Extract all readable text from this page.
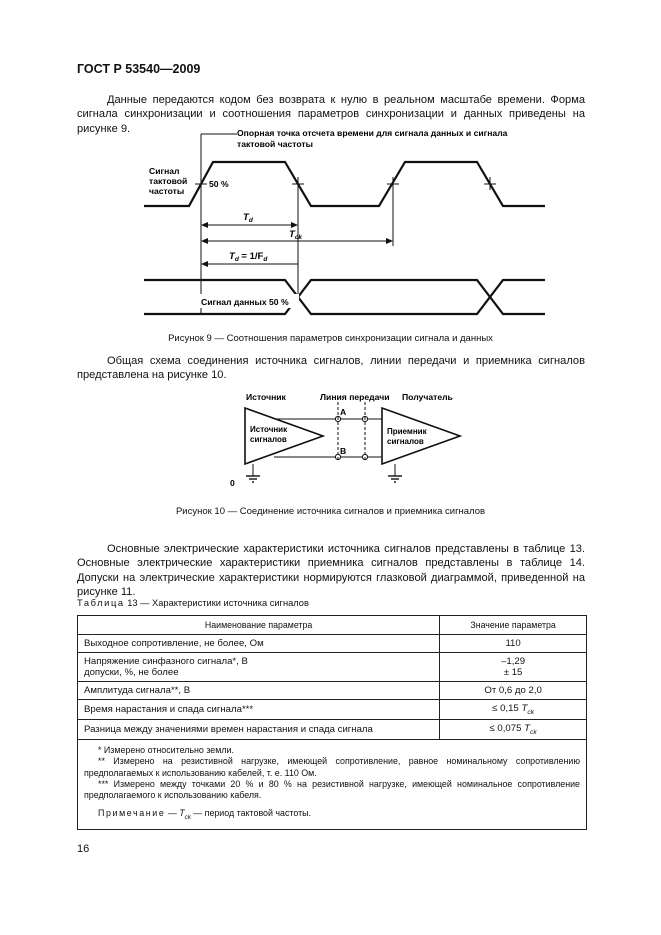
ГОСТ Р 53540—2009
Данные передаются кодом без возврата к нулю в реальном масштабе времени. Форма сигнала синхронизации и соотношения параметров синхронизации и данных приведены на рисунке 9.	Опорная точка отсчета времени для сигнала данных и сигнала
тактовой частоты
Сигнал
тактовой
частоты
50 %
$T_d$
$T_{ck}$
$T_d = 1/F_d$
Сигнал данных 50 %
Рисунок 9 — Соотношения параметров синхронизации сигнала и данных
Общая схема соединения источника сигналов, линии передачи и приемника сигналов представлена на рисунке 10.
Источник	Линия передачи Получатель
Источник
сигналов
Приемник
сигналов
A
B
0
Рисунок 10 — Соединение источника сигналов и приемника сигналов
Основные электрические характеристики источника сигналов представлены в таблице 13. Основные электрические характеристики приемника сигналов представлены в таблице 14. Допуски на электрические характеристики нормируются глазковой диаграммой, приведенной на рисунке 11.
Таблица 13 — Характеристики источника сигналов
Наименование параметра	Значение параметра
Выходное сопротивление, не более, Ом	110
Напряжение синфазного сигнала*, В
допуски, %, не более	–1,29
± 15
Амплитуда сигнала**, В	От 0,6 до 2,0
Время нарастания и спада сигнала***	≤ 0,15 $T_{ck}$
Разница между значениями времен нарастания и спада сигнала	≤ 0,075 $T_{ck}$

* Измерено относительно земли.
** Измерено на резистивной нагрузке, имеющей сопротивление, равное номинальному сопротивлению предполагаемых к использованию кабелей, т. е. 110 Ом.
*** Измерено между точками 20 % и 80 % на резистивной нагрузке, имеющей номинальное сопротивление предполагаемого к использованию кабеля.
Примечание — $T_{ck}$ — период тактовой частоты.	
16
